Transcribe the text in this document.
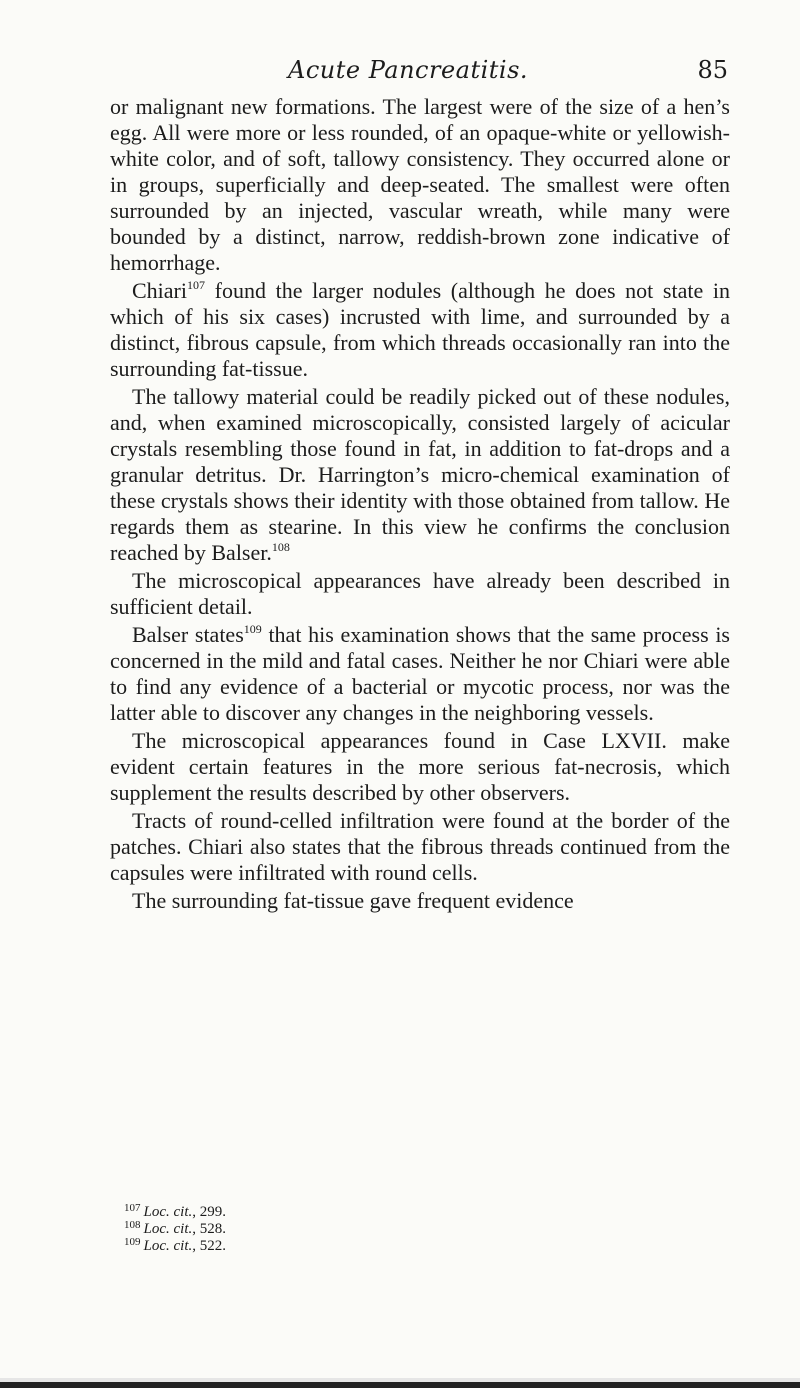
Acute Pancreatitis.	85

or malignant new formations. The largest were of the size of a hen’s egg. All were more or less rounded, of an opaque-white or yellowish-white color, and of soft, tallowy consistency. They occurred alone or in groups, superficially and deep-seated. The smallest were often surrounded by an injected, vascular wreath, while many were bounded by a distinct, narrow, reddish-brown zone indicative of hemorrhage.

Chiari$^{107}$ found the larger nodules (although he does not state in which of his six cases) incrusted with lime, and surrounded by a distinct, fibrous capsule, from which threads occasionally ran into the surrounding fat-tissue.

The tallowy material could be readily picked out of these nodules, and, when examined microscopically, consisted largely of acicular crystals resembling those found in fat, in addition to fat-drops and a granular detritus. Dr. Harrington’s micro-chemical examination of these crystals shows their identity with those obtained from tallow. He regards them as stearine. In this view he confirms the conclusion reached by Balser.$^{108}$

The microscopical appearances have already been described in sufficient detail.

Balser states$^{109}$ that his examination shows that the same process is concerned in the mild and fatal cases. Neither he nor Chiari were able to find any evidence of a bacterial or mycotic process, nor was the latter able to discover any changes in the neighboring vessels.

The microscopical appearances found in Case LXVII. make evident certain features in the more serious fat-necrosis, which supplement the results described by other observers.

Tracts of round-celled infiltration were found at the border of the patches. Chiari also states that the fibrous threads continued from the capsules were infiltrated with round cells.

The surrounding fat-tissue gave frequent evidence

$^{107}$ Loc. cit., 299.
$^{108}$ Loc. cit., 528.
$^{109}$ Loc. cit., 522.
